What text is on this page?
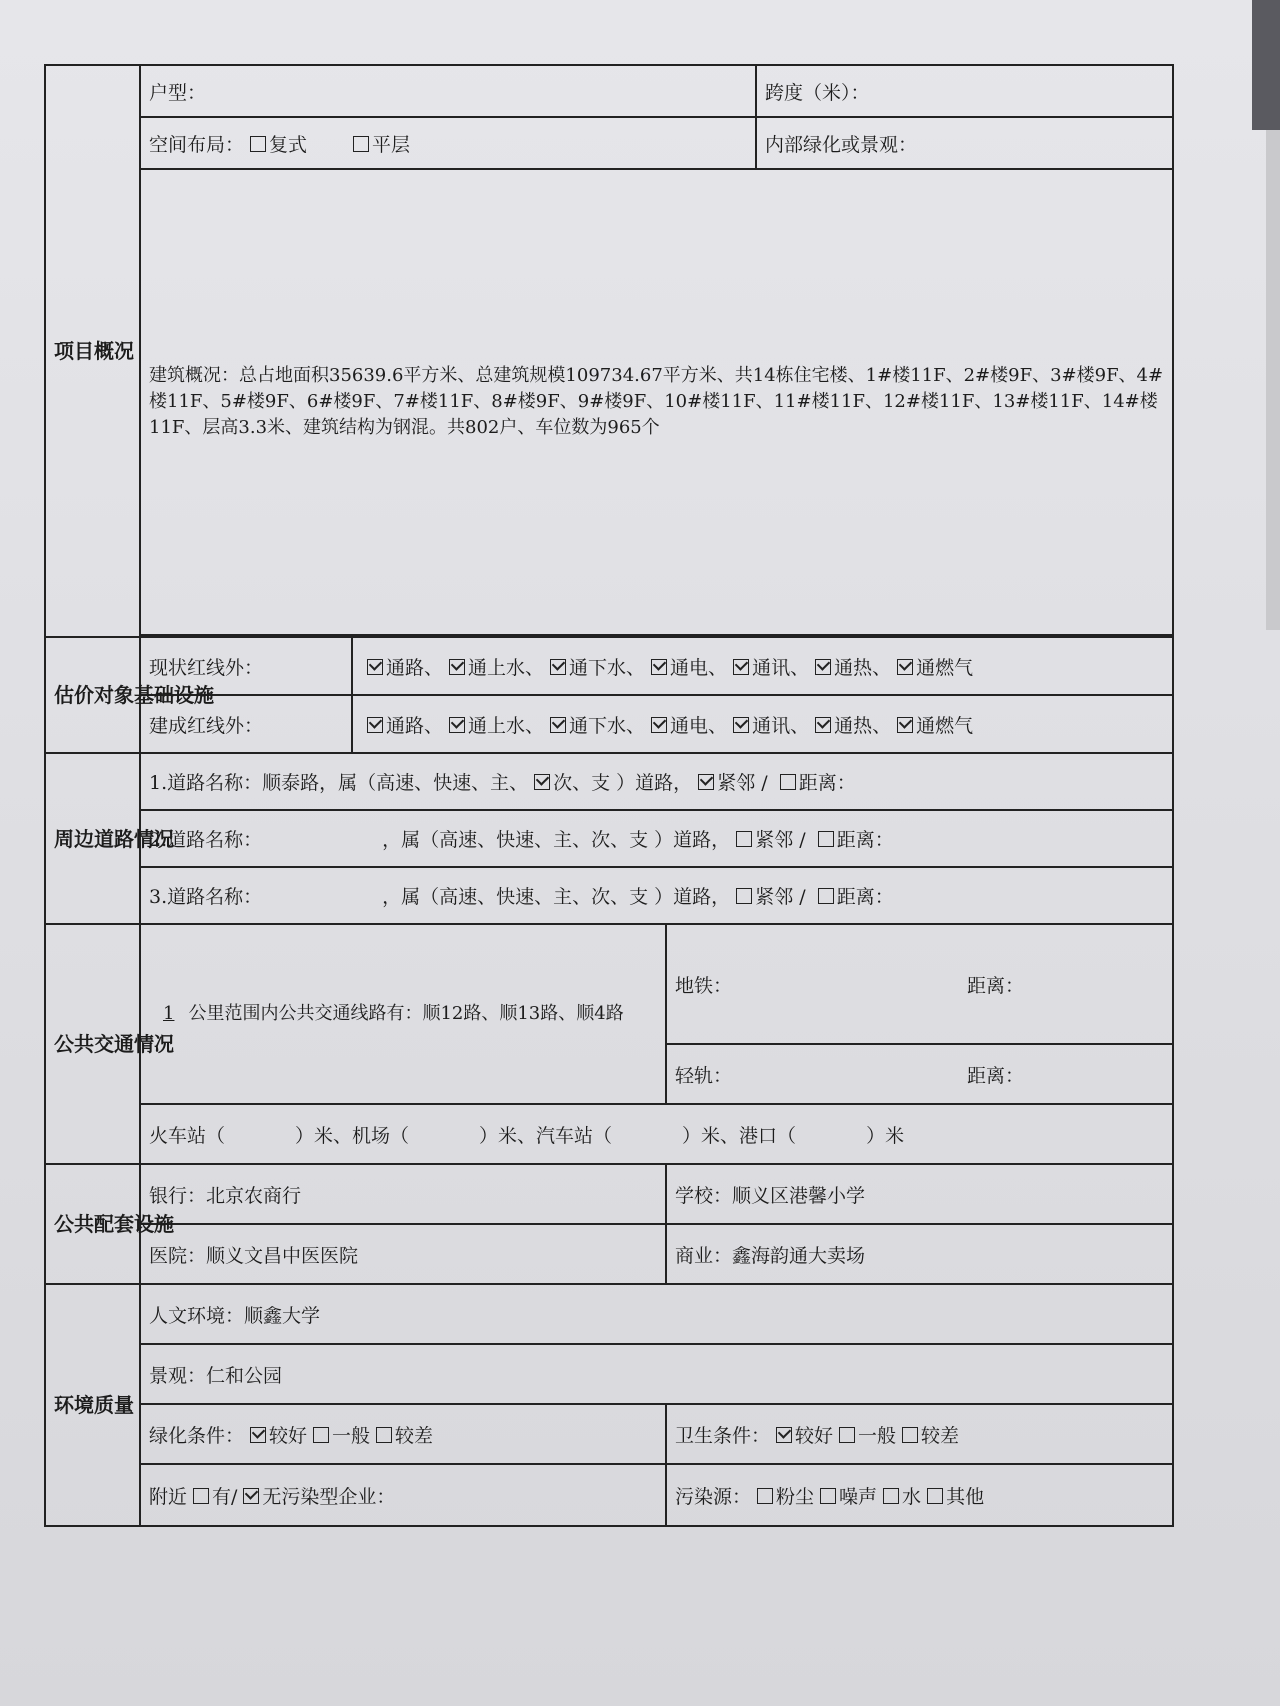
项目概况	户型：			跨度（米）：
	空间布局： 复式 平层			内部绿化或景观：

	建筑概况：总占地面积35639.6平方米、总建筑规模109734.67平方米、共14栋住宅楼、1#楼11F、2#楼9F、3#楼9F、4#楼11F、5#楼9F、6#楼9F、7#楼11F、8#楼9F、9#楼9F、10#楼11F、11#楼11F、12#楼11F、13#楼11F、14#楼11F、层高3.3米、建筑结构为钢混。共802户、车位数为965个			

估价对象基础设施	现状红线外：	通路、 通上水、 通下水、 通电、 通讯、 通热、 通燃气		
	建成红线外：	通路、 通上水、 通下水、 通电、 通讯、 通热、 通燃气		
周边道路情况	1.道路名称：顺泰路，属（高速、快速、主、 次、支 ）道路， 紧邻 / 距离：			
	2.道路名称： ，属（高速、快速、主、次、支 ）道路， 紧邻 / 距离：			
	3.道路名称： ，属（高速、快速、主、次、支 ）道路， 紧邻 / 距离：			
公共交通情况	1 公里范围内公共交通线路有：顺12路、顺13路、顺4路		地铁： 距离：	

			轻轨： 距离：	

	火车站（ ）米、机场（ ）米、汽车站（ ）米、港口（ ）米			
公共配套设施	银行：北京农商行		学校：顺义区港馨小学	
	医院：顺义文昌中医医院		商业：鑫海韵通大卖场	
环境质量	人文环境：顺鑫大学			
	景观：仁和公园			
	绿化条件： 较好 一般 较差		卫生条件： 较好 一般 较差	
	附近 有/ 无污染型企业：		污染源： 粉尘 噪声 水 其他	
